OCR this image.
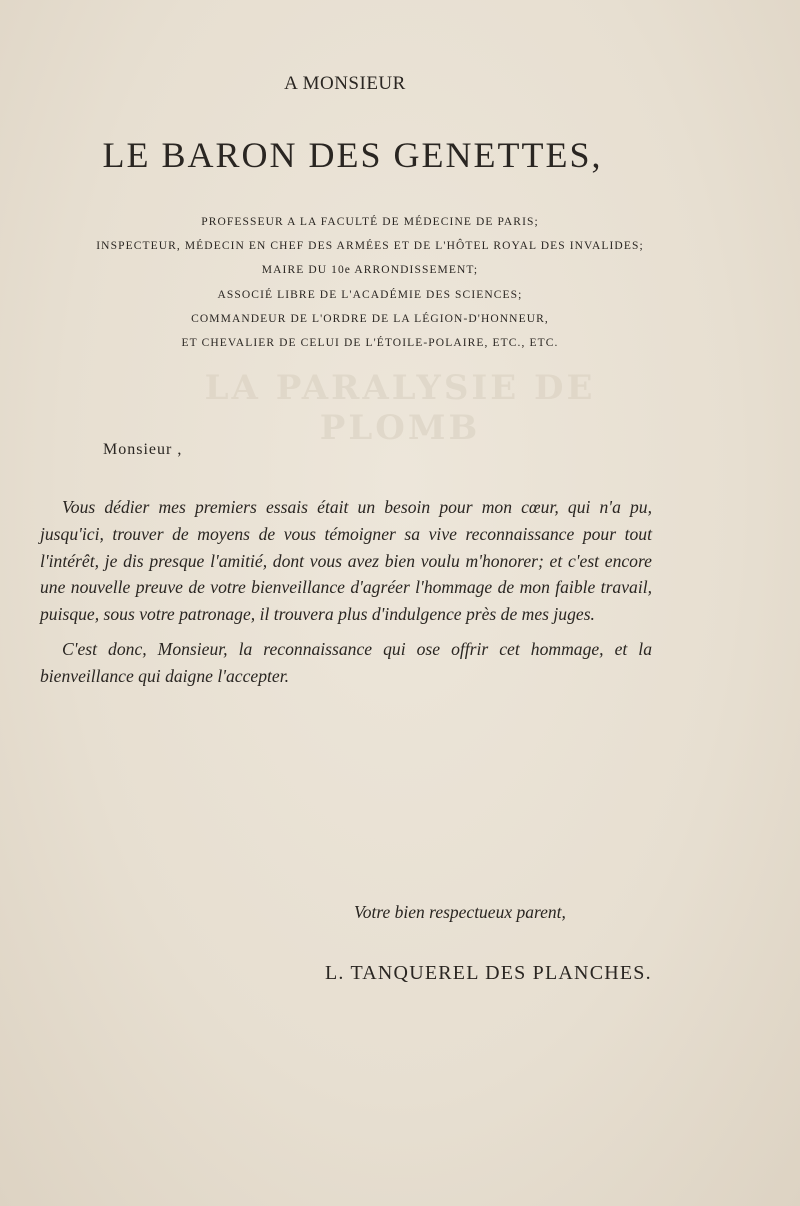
LA PARALYSIE DE PLOMB
A MONSIEUR
LE BARON DES GENETTES,
PROFESSEUR A LA FACULTÉ DE MÉDECINE DE PARIS;
INSPECTEUR, MÉDECIN EN CHEF DES ARMÉES ET DE L'HÔTEL ROYAL DES INVALIDES;
MAIRE DU 10e ARRONDISSEMENT;
ASSOCIÉ LIBRE DE L'ACADÉMIE DES SCIENCES;
COMMANDEUR DE L'ORDRE DE LA LÉGION-D'HONNEUR,
ET CHEVALIER DE CELUI DE L'ÉTOILE-POLAIRE, ETC., ETC.
Monsieur ,

Vous dédier mes premiers essais était un besoin pour mon cœur, qui n'a pu, jusqu'ici, trouver de moyens de vous témoigner sa vive reconnaissance pour tout l'intérêt, je dis presque l'amitié, dont vous avez bien voulu m'honorer; et c'est encore une nouvelle preuve de votre bienveillance d'agréer l'hommage de mon faible travail, puisque, sous votre patronage, il trouvera plus d'indulgence près de mes juges.

C'est donc, Monsieur, la reconnaissance qui ose offrir cet hommage, et la bienveillance qui daigne l'accepter.

Votre bien respectueux parent,
L. TANQUEREL DES PLANCHES.
